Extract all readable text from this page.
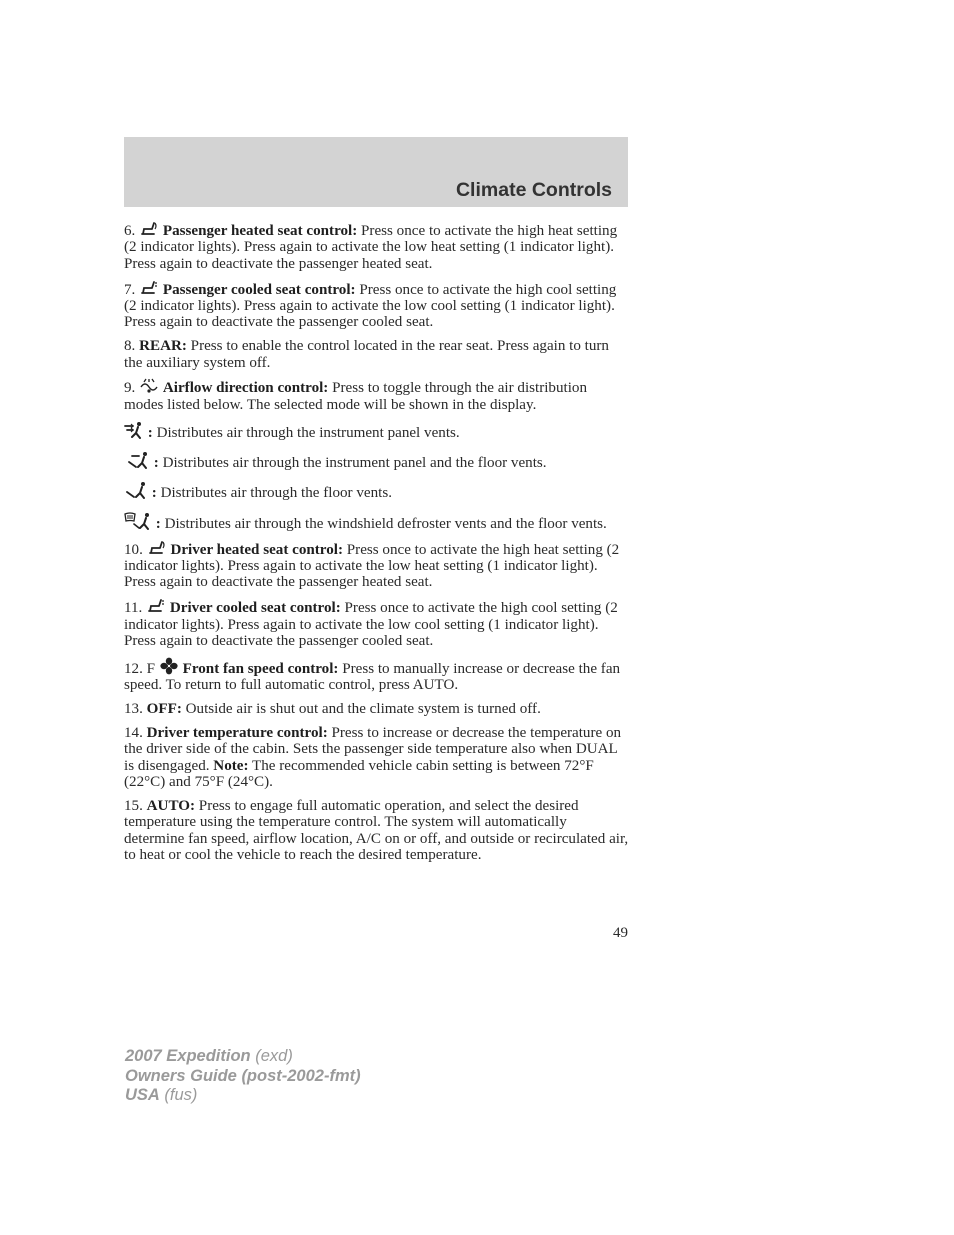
Climate Controls

6. Passenger heated seat control: Press once to activate the high heat setting (2 indicator lights). Press again to activate the low heat setting (1 indicator light). Press again to deactivate the passenger heated seat.

7. Passenger cooled seat control: Press once to activate the high cool setting (2 indicator lights). Press again to activate the low cool setting (1 indicator light). Press again to deactivate the passenger cooled seat.

8. REAR: Press to enable the control located in the rear seat. Press again to turn the auxiliary system off.

9. Airflow direction control: Press to toggle through the air distribution modes listed below. The selected mode will be shown in the display.

: Distributes air through the instrument panel vents.

: Distributes air through the instrument panel and the floor vents.

: Distributes air through the floor vents.

: Distributes air through the windshield defroster vents and the floor vents.

10. Driver heated seat control: Press once to activate the high heat setting (2 indicator lights). Press again to activate the low heat setting (1 indicator light). Press again to deactivate the passenger heated seat.

11. Driver cooled seat control: Press once to activate the high cool setting (2 indicator lights). Press again to activate the low cool setting (1 indicator light). Press again to deactivate the passenger cooled seat.

12. F Front fan speed control: Press to manually increase or decrease the fan speed. To return to full automatic control, press AUTO.

13. OFF: Outside air is shut out and the climate system is turned off.

14. Driver temperature control: Press to increase or decrease the temperature on the driver side of the cabin. Sets the passenger side temperature also when DUAL is disengaged. Note: The recommended vehicle cabin setting is between 72°F (22°C) and 75°F (24°C).

15. AUTO: Press to engage full automatic operation, and select the desired temperature using the temperature control. The system will automatically determine fan speed, airflow location, A/C on or off, and outside or recirculated air, to heat or cool the vehicle to reach the desired temperature.

49
2007 Expedition (exd)
Owners Guide (post-2002-fmt)
USA (fus)
